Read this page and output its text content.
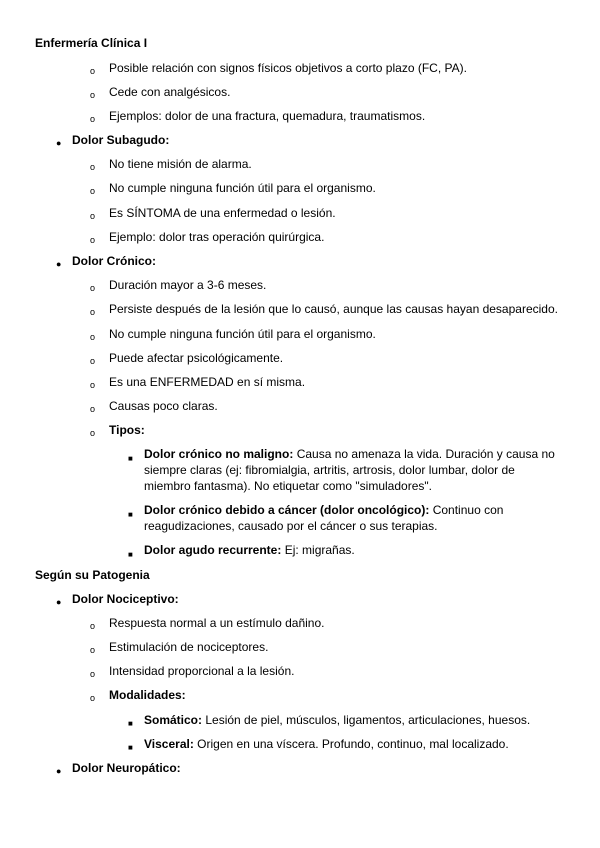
Enfermería Clínica I
o Posible relación con signos físicos objetivos a corto plazo (FC, PA).
o Cede con analgésicos.
o Ejemplos: dolor de una fractura, quemadura, traumatismos.
● Dolor Subagudo:
o No tiene misión de alarma.
o No cumple ninguna función útil para el organismo.
o Es SÍNTOMA de una enfermedad o lesión.
o Ejemplo: dolor tras operación quirúrgica.
● Dolor Crónico:
o Duración mayor a 3-6 meses.
o Persiste después de la lesión que lo causó, aunque las causas hayan desaparecido.
o No cumple ninguna función útil para el organismo.
o Puede afectar psicológicamente.
o Es una ENFERMEDAD en sí misma.
o Causas poco claras.
o Tipos:
■ Dolor crónico no maligno: Causa no amenaza la vida. Duración y causa no siempre claras (ej: fibromialgia, artritis, artrosis, dolor lumbar, dolor de miembro fantasma). No etiquetar como "simuladores".
■ Dolor crónico debido a cáncer (dolor oncológico): Continuo con reagudizaciones, causado por el cáncer o sus terapias.
■ Dolor agudo recurrente: Ej: migrañas.
Según su Patogenia
● Dolor Nociceptivo:
o Respuesta normal a un estímulo dañino.
o Estimulación de nociceptores.
o Intensidad proporcional a la lesión.
o Modalidades:
■ Somático: Lesión de piel, músculos, ligamentos, articulaciones, huesos.
■ Visceral: Origen en una víscera. Profundo, continuo, mal localizado.
● Dolor Neuropático:
